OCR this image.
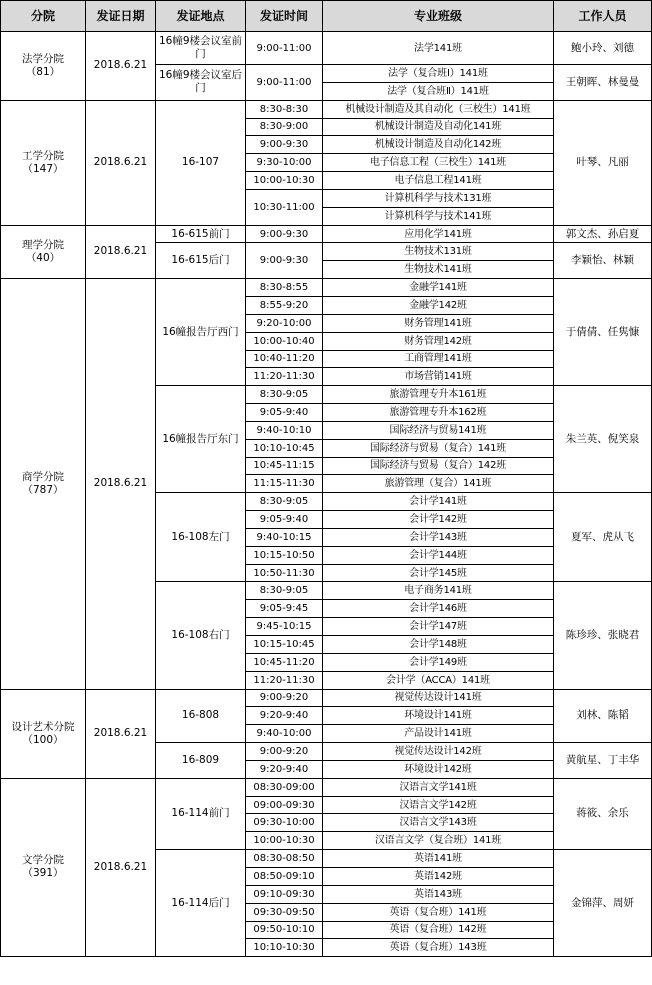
分院	发证日期	发证地点	发证时间	专业班级	工作人员

法学分院
（81）	2018.6.21	16幢9楼会议室前门	9:00-11:00	法学141班	鲍小玲、刘德
		16幢9楼会议室后门	9:00-11:00	法学（复合班Ⅰ）141班	王朝晖、林曼曼
				法学（复合班Ⅱ）141班	

工学分院
（147）	2018.6.21	16-107	8:30-8:30	机械设计制造及其自动化（三校生）141班	叶琴、凡丽
			8:30-9:00	机械设计制造及自动化141班	
			9:00-9:30	机械设计制造及自动化142班	
			9:30-10:00	电子信息工程（三校生）141班	
			10:00-10:30	电子信息工程141班	
			10:30-11:00	计算机科学与技术131班	
				计算机科学与技术141班	

理学分院
（40）	2018.6.21	16-615前门	9:00-9:30	应用化学141班	郭文杰、孙启夏
		16-615后门	9:00-9:30	生物技术131班	李颖怡、林颖
				生物技术141班	

商学分院
（787）	2018.6.21	16幢报告厅西门	8:30-8:55	金融学141班	于倩倩、任隽慷
			8:55-9:20	金融学142班	
			9:20-10:00	财务管理141班	
			10:00-10:40	财务管理142班	
			10:40-11:20	工商管理141班	
			11:20-11:30	市场营销141班	
		16幢报告厅东门	8:30-9:05	旅游管理专升本161班	朱兰英、倪笑泉
			9:05-9:40	旅游管理专升本162班	
			9:40-10:10	国际经济与贸易141班	
			10:10-10:45	国际经济与贸易（复合）141班	
			10:45-11:15	国际经济与贸易（复合）142班	
			11:15-11:30	旅游管理（复合）141班	
		16-108左门	8:30-9:05	会计学141班	夏军、虎从飞
			9:05-9:40	会计学142班	
			9:40-10:15	会计学143班	
			10:15-10:50	会计学144班	
			10:50-11:30	会计学145班	
		16-108右门	8:30-9:05	电子商务141班	陈珍珍、张晓君
			9:05-9:45	会计学146班	
			9:45-10:15	会计学147班	
			10:15-10:45	会计学148班	
			10:45-11:20	会计学149班	
			11:20-11:30	会计学（ACCA）141班	

设计艺术分院
（100）	2018.6.21	16-808	9:00-9:20	视觉传达设计141班	刘林、陈韬
			9:20-9:40	环境设计141班	
			9:40-10:00	产品设计141班	
		16-809	9:00-9:20	视觉传达设计142班	黄航星、丁丰华
			9:20-9:40	环境设计142班	

文学分院
（391）	2018.6.21	16-114前门	08:30-09:00	汉语言文学141班	蒋筱、余乐
			09:00-09:30	汉语言文学142班	
			09:30-10:00	汉语言文学143班	
			10:00-10:30	汉语言文学（复合班）141班	
		16-114后门	08:30-08:50	英语141班	金锦萍、周妍
			08:50-09:10	英语142班	
			09:10-09:30	英语143班	
			09:30-09:50	英语（复合班）141班	
			09:50-10:10	英语（复合班）142班	
			10:10-10:30	英语（复合班）143班	
